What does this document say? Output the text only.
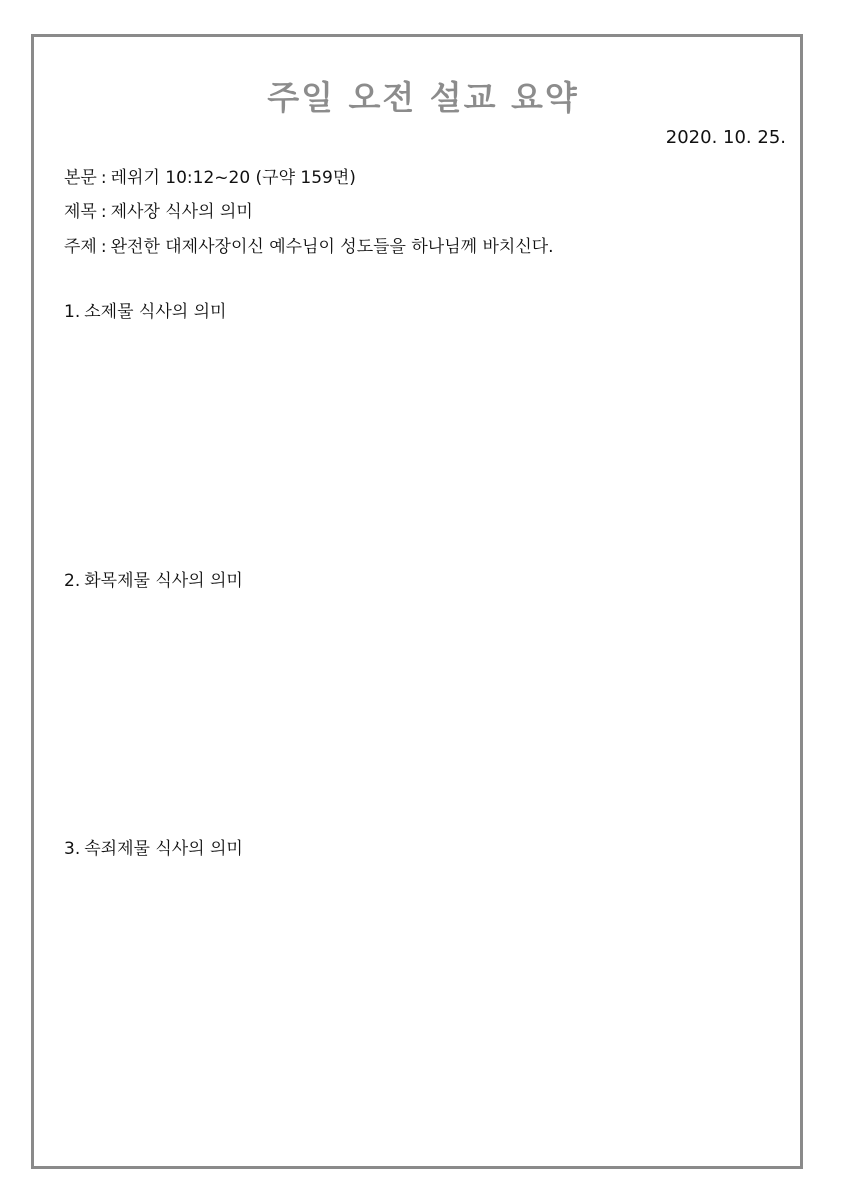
주일 오전 설교 요약
2020. 10. 25.
본문 : 레위기 10:12~20 (구약 159면)
제목 : 제사장 식사의 의미
주제 : 완전한 대제사장이신 예수님이 성도들을 하나님께 바치신다.
1. 소제물 식사의 의미
2. 화목제물 식사의 의미
3. 속죄제물 식사의 의미
